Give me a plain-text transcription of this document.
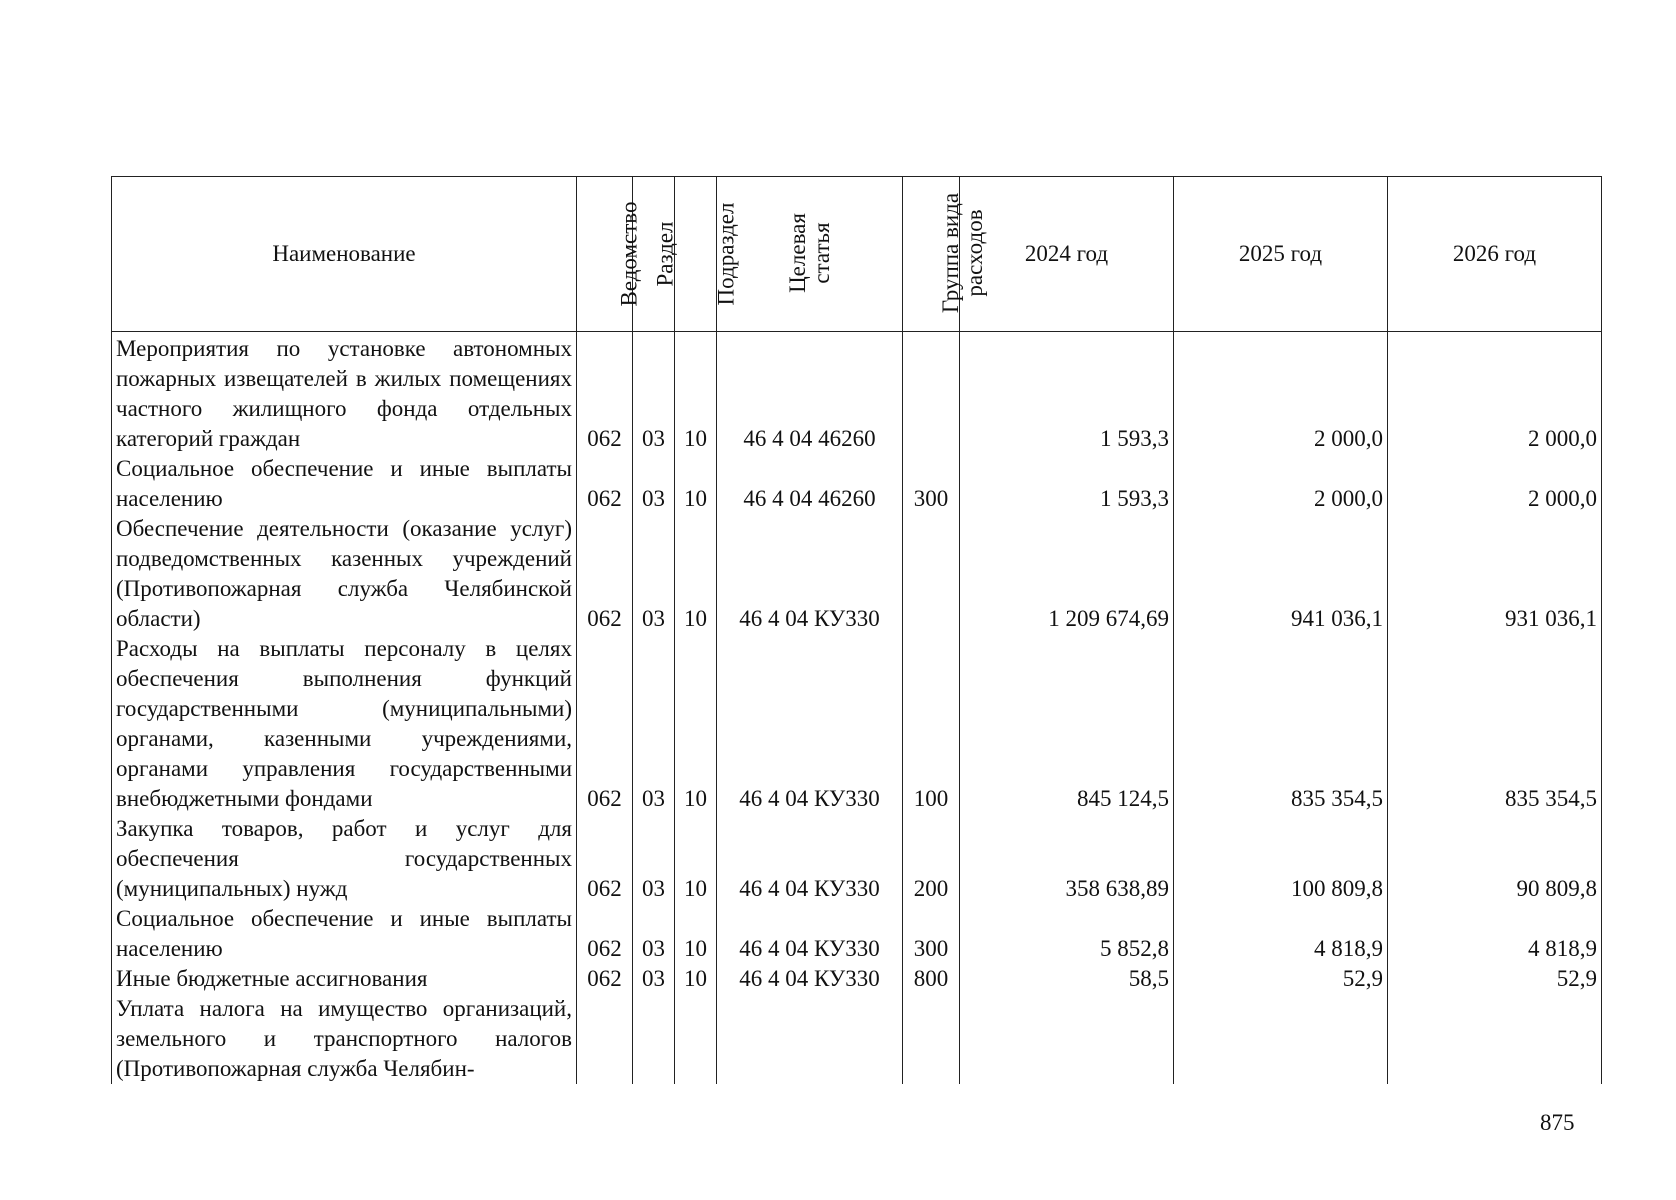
Наименование	Ведомство	Раздел	Подраздел	Целевая статья	Группа вида расходов	2024 год	2025 год	2026 год
Мероприятия по установке автономных пожарных извещателей в жилых помещениях частного жилищного фонда отдельных категорий граждан	062	03	10	46 4 04 46260		1 593,3	2 000,0	2 000,0
Социальное обеспечение и иные выплаты населению	062	03	10	46 4 04 46260	300	1 593,3	2 000,0	2 000,0
Обеспечение деятельности (оказание услуг) подведомственных казенных учреждений (Противопожарная служба Челябинской области)	062	03	10	46 4 04 КУ330		1 209 674,69	941 036,1	931 036,1
Расходы на выплаты персоналу в целях обеспечения выполнения функций государственными (муниципальными) органами, казенными учреждениями, органами управления государственными внебюджетными фондами	062	03	10	46 4 04 КУ330	100	845 124,5	835 354,5	835 354,5
Закупка товаров, работ и услуг для обеспечения государственных (муниципальных) нужд	062	03	10	46 4 04 КУ330	200	358 638,89	100 809,8	90 809,8
Социальное обеспечение и иные выплаты населению	062	03	10	46 4 04 КУ330	300	5 852,8	4 818,9	4 818,9
Иные бюджетные ассигнования	062	03	10	46 4 04 КУ330	800	58,5	52,9	52,9
Уплата налога на имущество организаций, земельного и транспортного налогов (Противопожарная служба Челябин-								
875
